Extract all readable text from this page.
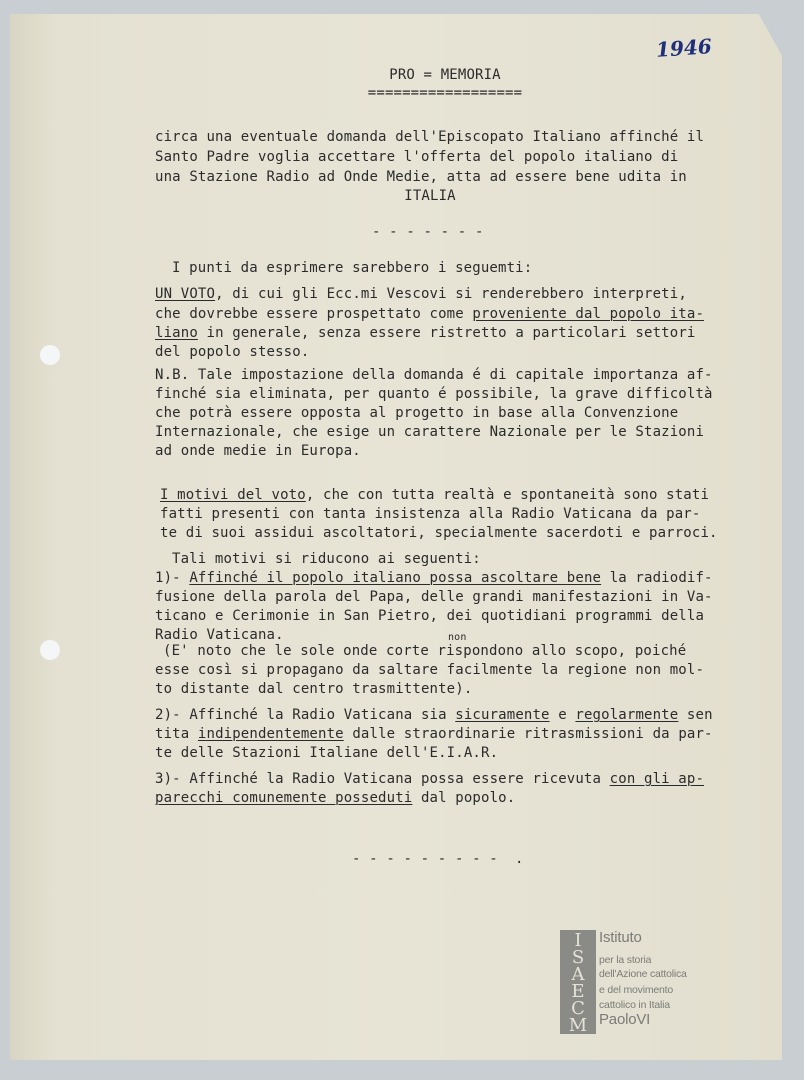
1946
PRO = MEMORIA
==================
circa una eventuale domanda dell'Episcopato Italiano affinché il
Santo Padre voglia accettare l'offerta del popolo italiano di
una Stazione Radio ad Onde Medie, atta ad essere bene udita in
ITALIA
- - - - - - -
I punti da esprimere sarebbero i seguemti:
UN VOTO, di cui gli Ecc.mi Vescovi si renderebbero interpreti,
che dovrebbe essere prospettato come proveniente dal popolo ita-
liano in generale, senza essere ristretto a particolari settori
del popolo stesso.
N.B. Tale impostazione della domanda é di capitale importanza af-
finché sia eliminata, per quanto é possibile, la grave difficoltà
che potrà essere opposta al progetto in base alla Convenzione
Internazionale, che esige un carattere Nazionale per le Stazioni
ad onde medie in Europa.
I motivi del voto, che con tutta realtà e spontaneità sono stati
fatti presenti con tanta insistenza alla Radio Vaticana da par-
te di suoi assidui ascoltatori, specialmente sacerdoti e parroci.
Tali motivi si riducono ai seguenti:
1)- Affinché il popolo italiano possa ascoltare bene la radiodif-
fusione della parola del Papa, delle grandi manifestazioni in Va-
ticano e Cerimonie in San Pietro, dei quotidiani programmi della
Radio Vaticana.	non
(E' noto che le sole onde corte rispondono allo scopo, poiché
esse così si propagano da saltare facilmente la regione non mol-
to distante dal centro trasmittente).
2)- Affinché la Radio Vaticana sia sicuramente e regolarmente sen
tita indipendentemente dalle straordinarie ritrasmissioni da par-
te delle Stazioni Italiane dell'E.I.A.R.
3)- Affinché la Radio Vaticana possa essere ricevuta con gli ap-
parecchi comunemente posseduti dal popolo.
- - - - - - - - -  .
I
S
A
E
C
M
Istituto
per la storia
dell'Azione cattolica
e del movimento
cattolico in Italia
PaoloVI
